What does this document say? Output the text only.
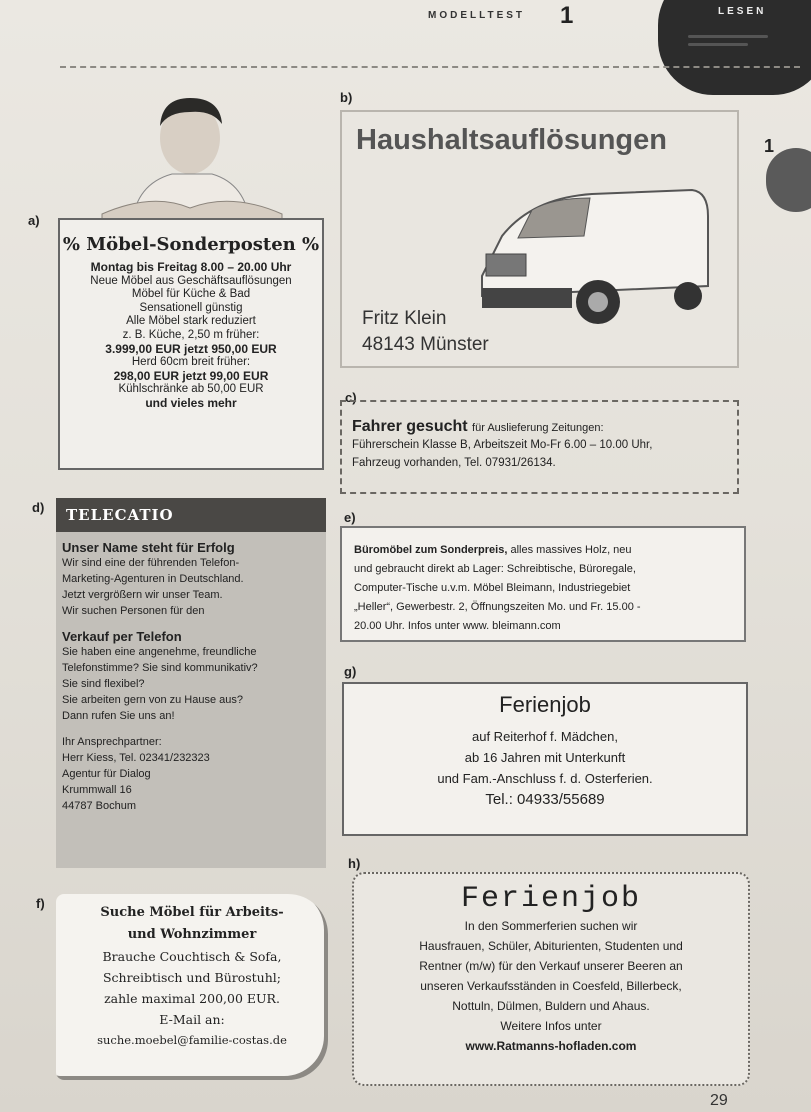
MODELLTEST 1	LESEN
1
a)
% Möbel-Sonderposten %
Montag bis Freitag 8.00 – 20.00 Uhr
Neue Möbel aus Geschäftsauflösungen
Möbel für Küche & Bad
Sensationell günstig
Alle Möbel stark reduziert
z. B. Küche, 2,50 m früher:
3.999,00 EUR jetzt 950,00 EUR
Herd 60cm breit früher:
298,00 EUR jetzt 99,00 EUR
Kühlschränke ab 50,00 EUR
und vieles mehr
b)
Haushaltsauflösungen
Fritz Klein
48143 Münster
c)
Fahrer gesucht für Auslieferung Zeitungen:
Führerschein Klasse B, Arbeitszeit Mo-Fr 6.00 – 10.00 Uhr,
Fahrzeug vorhanden, Tel. 07931/26134.
d)
Unser Name steht für Erfolg
Wir sind eine der führenden Telefon-
Marketing-Agenturen in Deutschland.
Jetzt vergrößern wir unser Team.
Wir suchen Personen für den
Verkauf per Telefon
Sie haben eine angenehme, freundliche
Telefonstimme? Sie sind kommunikativ?
Sie sind flexibel?
Sie arbeiten gern von zu Hause aus?
Dann rufen Sie uns an!
Ihr Ansprechpartner:
Herr Kiess, Tel. 02341/232323
Agentur für Dialog
Krummwall 16
44787 Bochum
TELECATIO	e)
Büromöbel zum Sonderpreis, alles massives Holz, neu
und gebraucht direkt ab Lager: Schreibtische, Büroregale,
Computer-Tische u.v.m. Möbel Bleimann, Industriegebiet
„Heller“, Gewerbestr. 2, Öffnungszeiten Mo. und Fr. 15.00 -
20.00 Uhr. Infos unter www. bleimann.com
g)
Ferienjob
auf Reiterhof f. Mädchen,
ab 16 Jahren mit Unterkunft
und Fam.-Anschluss f. d. Osterferien.
Tel.: 04933/55689
f)
Suche Möbel für Arbeits-
und Wohnzimmer
Brauche Couchtisch & Sofa,
Schreibtisch und Bürostuhl;
zahle maximal 200,00 EUR.
E-Mail an:
suche.moebel@familie-costas.de
h)
Ferienjob
In den Sommerferien suchen wir
Hausfrauen, Schüler, Abiturienten, Studenten und
Rentner (m/w) für den Verkauf unserer Beeren an
unseren Verkaufsständen in Coesfeld, Billerbeck,
Nottuln, Dülmen, Buldern und Ahaus.
Weitere Infos unter
www.Ratmanns-hofladen.com
29
